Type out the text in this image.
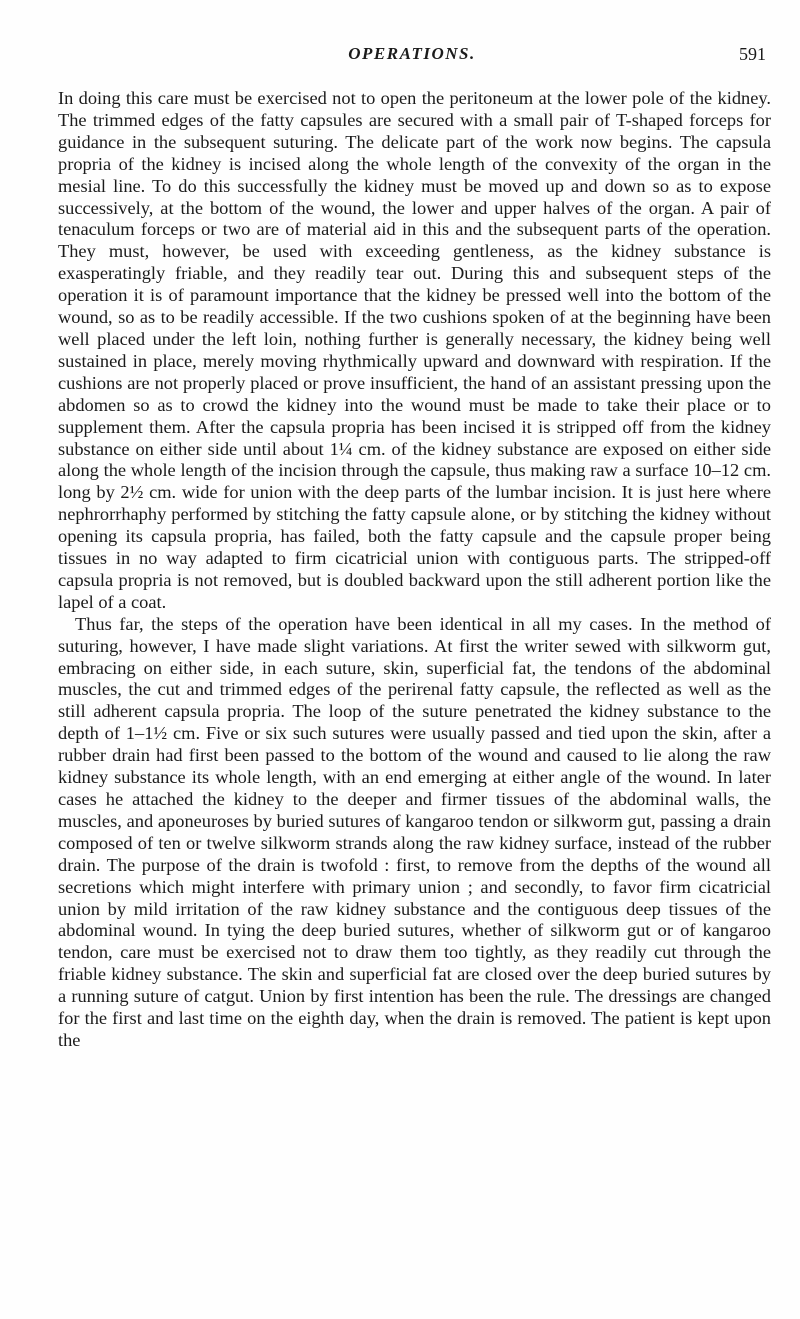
OPERATIONS.	591

In doing this care must be exercised not to open the peritoneum at the lower pole of the kidney. The trimmed edges of the fatty capsules are secured with a small pair of T-shaped forceps for guidance in the subsequent suturing. The delicate part of the work now begins. The capsula propria of the kidney is incised along the whole length of the convexity of the organ in the mesial line. To do this successfully the kidney must be moved up and down so as to expose successively, at the bottom of the wound, the lower and upper halves of the organ. A pair of tenaculum forceps or two are of material aid in this and the subsequent parts of the operation. They must, however, be used with exceeding gentleness, as the kidney substance is exasperatingly friable, and they readily tear out. During this and subsequent steps of the operation it is of paramount importance that the kidney be pressed well into the bottom of the wound, so as to be readily accessible. If the two cushions spoken of at the beginning have been well placed under the left loin, nothing further is generally necessary, the kidney being well sustained in place, merely moving rhythmically upward and downward with respiration. If the cushions are not properly placed or prove insufficient, the hand of an assistant pressing upon the abdomen so as to crowd the kidney into the wound must be made to take their place or to supplement them. After the capsula propria has been incised it is stripped off from the kidney substance on either side until about 1¼ cm. of the kidney substance are exposed on either side along the whole length of the incision through the capsule, thus making raw a surface 10–12 cm. long by 2½ cm. wide for union with the deep parts of the lumbar incision. It is just here where nephrorrhaphy performed by stitching the fatty capsule alone, or by stitching the kidney without opening its capsula propria, has failed, both the fatty capsule and the capsule proper being tissues in no way adapted to firm cicatricial union with contiguous parts. The stripped-off capsula propria is not removed, but is doubled backward upon the still adherent portion like the lapel of a coat.

Thus far, the steps of the operation have been identical in all my cases. In the method of suturing, however, I have made slight variations. At first the writer sewed with silkworm gut, embracing on either side, in each suture, skin, superficial fat, the tendons of the abdominal muscles, the cut and trimmed edges of the perirenal fatty capsule, the reflected as well as the still adherent capsula propria. The loop of the suture penetrated the kidney substance to the depth of 1–1½ cm. Five or six such sutures were usually passed and tied upon the skin, after a rubber drain had first been passed to the bottom of the wound and caused to lie along the raw kidney substance its whole length, with an end emerging at either angle of the wound. In later cases he attached the kidney to the deeper and firmer tissues of the abdominal walls, the muscles, and aponeuroses by buried sutures of kangaroo tendon or silkworm gut, passing a drain composed of ten or twelve silkworm strands along the raw kidney surface, instead of the rubber drain. The purpose of the drain is twofold : first, to remove from the depths of the wound all secretions which might interfere with primary union ; and secondly, to favor firm cicatricial union by mild irritation of the raw kidney substance and the contiguous deep tissues of the abdominal wound. In tying the deep buried sutures, whether of silkworm gut or of kangaroo tendon, care must be exercised not to draw them too tightly, as they readily cut through the friable kidney substance. The skin and superficial fat are closed over the deep buried sutures by a running suture of catgut. Union by first intention has been the rule. The dressings are changed for the first and last time on the eighth day, when the drain is removed. The patient is kept upon the
